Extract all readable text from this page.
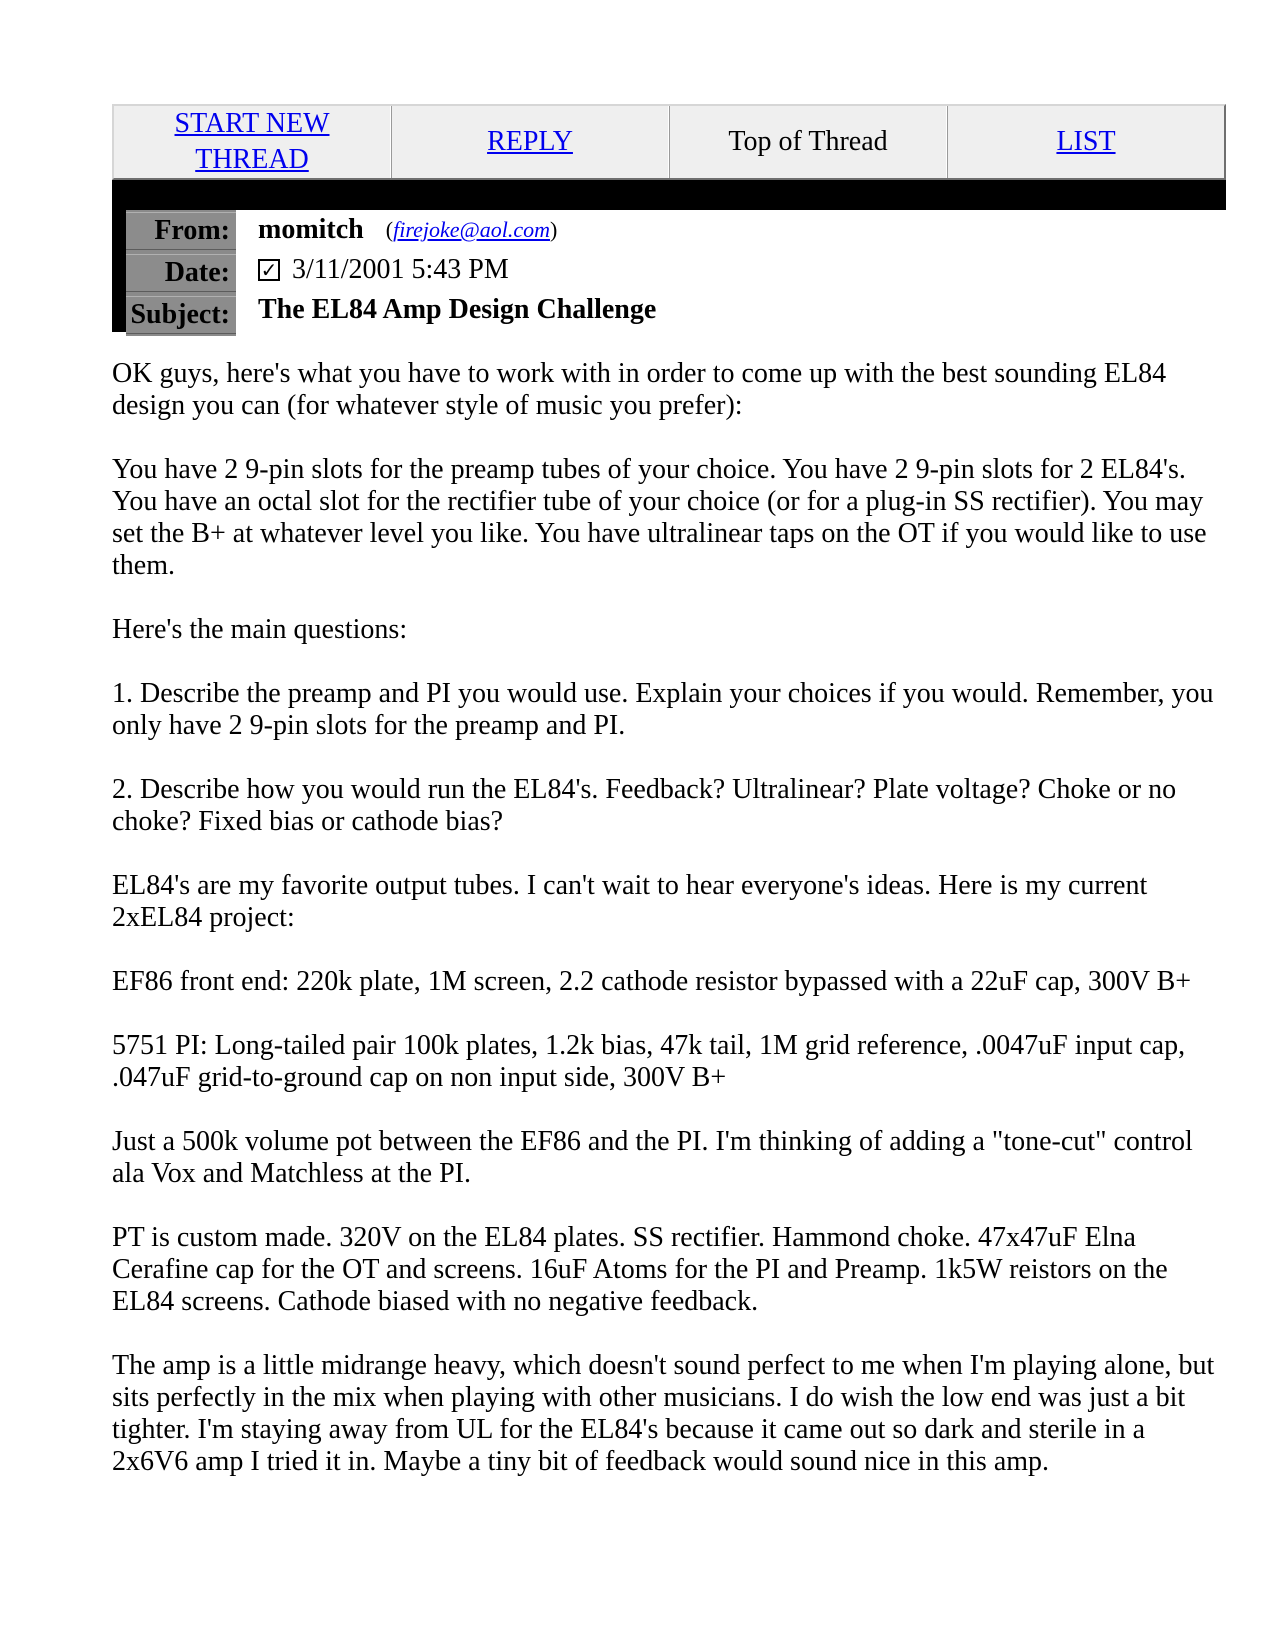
START NEW THREAD
REPLY	Top of Thread	LIST
From:
Date:
Subject:
momitch (firejoke@aol.com)
✓ 3/11/2001 5:43 PM
The EL84 Amp Design Challenge

OK guys, here's what you have to work with in order to come up with the best sounding EL84 design you can (for whatever style of music you prefer):

You have 2 9-pin slots for the preamp tubes of your choice. You have 2 9-pin slots for 2 EL84's. You have an octal slot for the rectifier tube of your choice (or for a plug-in SS rectifier). You may set the B+ at whatever level you like. You have ultralinear taps on the OT if you would like to use them.

Here's the main questions:

1. Describe the preamp and PI you would use. Explain your choices if you would. Remember, you only have 2 9-pin slots for the preamp and PI.

2. Describe how you would run the EL84's. Feedback? Ultralinear? Plate voltage? Choke or no choke? Fixed bias or cathode bias?

EL84's are my favorite output tubes. I can't wait to hear everyone's ideas. Here is my current 2xEL84 project:

EF86 front end: 220k plate, 1M screen, 2.2 cathode resistor bypassed with a 22uF cap, 300V B+

5751 PI: Long-tailed pair 100k plates, 1.2k bias, 47k tail, 1M grid reference, .0047uF input cap, .047uF grid-to-ground cap on non input side, 300V B+

Just a 500k volume pot between the EF86 and the PI. I'm thinking of adding a "tone-cut" control ala Vox and Matchless at the PI.

PT is custom made. 320V on the EL84 plates. SS rectifier. Hammond choke. 47x47uF Elna Cerafine cap for the OT and screens. 16uF Atoms for the PI and Preamp. 1k5W reistors on the EL84 screens. Cathode biased with no negative feedback.

The amp is a little midrange heavy, which doesn't sound perfect to me when I'm playing alone, but sits perfectly in the mix when playing with other musicians. I do wish the low end was just a bit tighter. I'm staying away from UL for the EL84's because it came out so dark and sterile in a 2x6V6 amp I tried it in. Maybe a tiny bit of feedback would sound nice in this amp.
